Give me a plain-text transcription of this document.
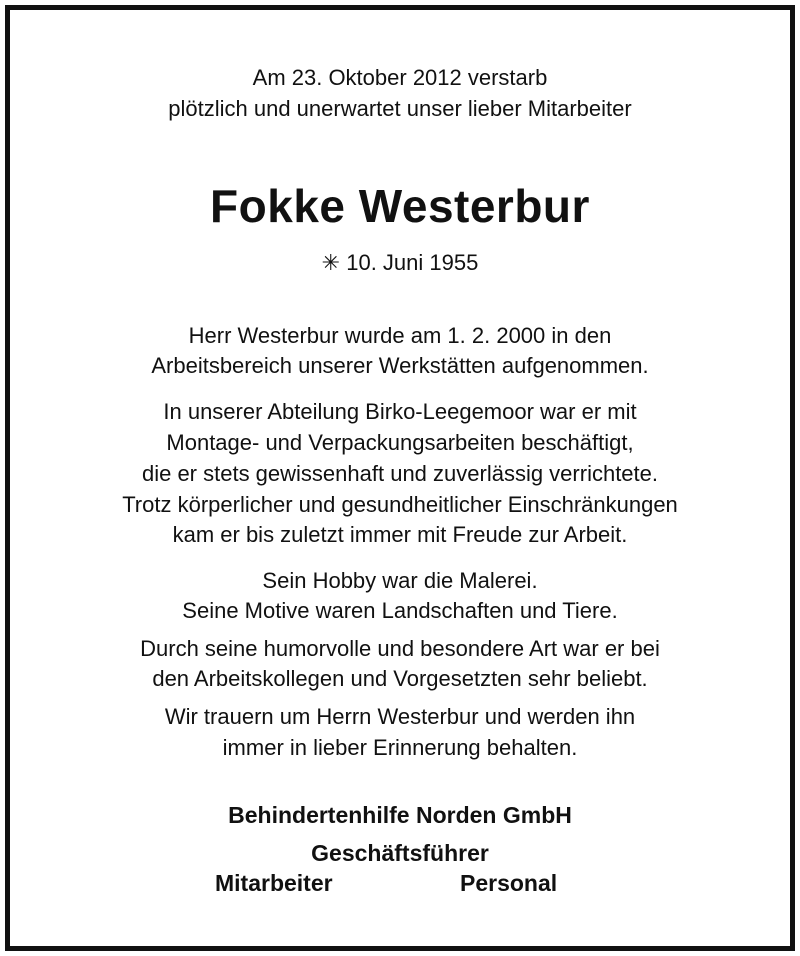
Am 23. Oktober 2012 verstarb
plötzlich und unerwartet unser lieber Mitarbeiter
Fokke Westerbur
✳ 10. Juni 1955
Herr Westerbur wurde am 1. 2. 2000 in den
Arbeitsbereich unserer Werkstätten aufgenommen.
In unserer Abteilung Birko-Leegemoor war er mit
Montage- und Verpackungsarbeiten beschäftigt,
die er stets gewissenhaft und zuverlässig verrichtete.
Trotz körperlicher und gesundheitlicher Einschränkungen
kam er bis zuletzt immer mit Freude zur Arbeit.
Sein Hobby war die Malerei.
Seine Motive waren Landschaften und Tiere.
Durch seine humorvolle und besondere Art war er bei
den Arbeitskollegen und Vorgesetzten sehr beliebt.
Wir trauern um Herrn Westerbur und werden ihn
immer in lieber Erinnerung behalten.
Behindertenhilfe Norden GmbH
Geschäftsführer
Mitarbeiter	Personal
